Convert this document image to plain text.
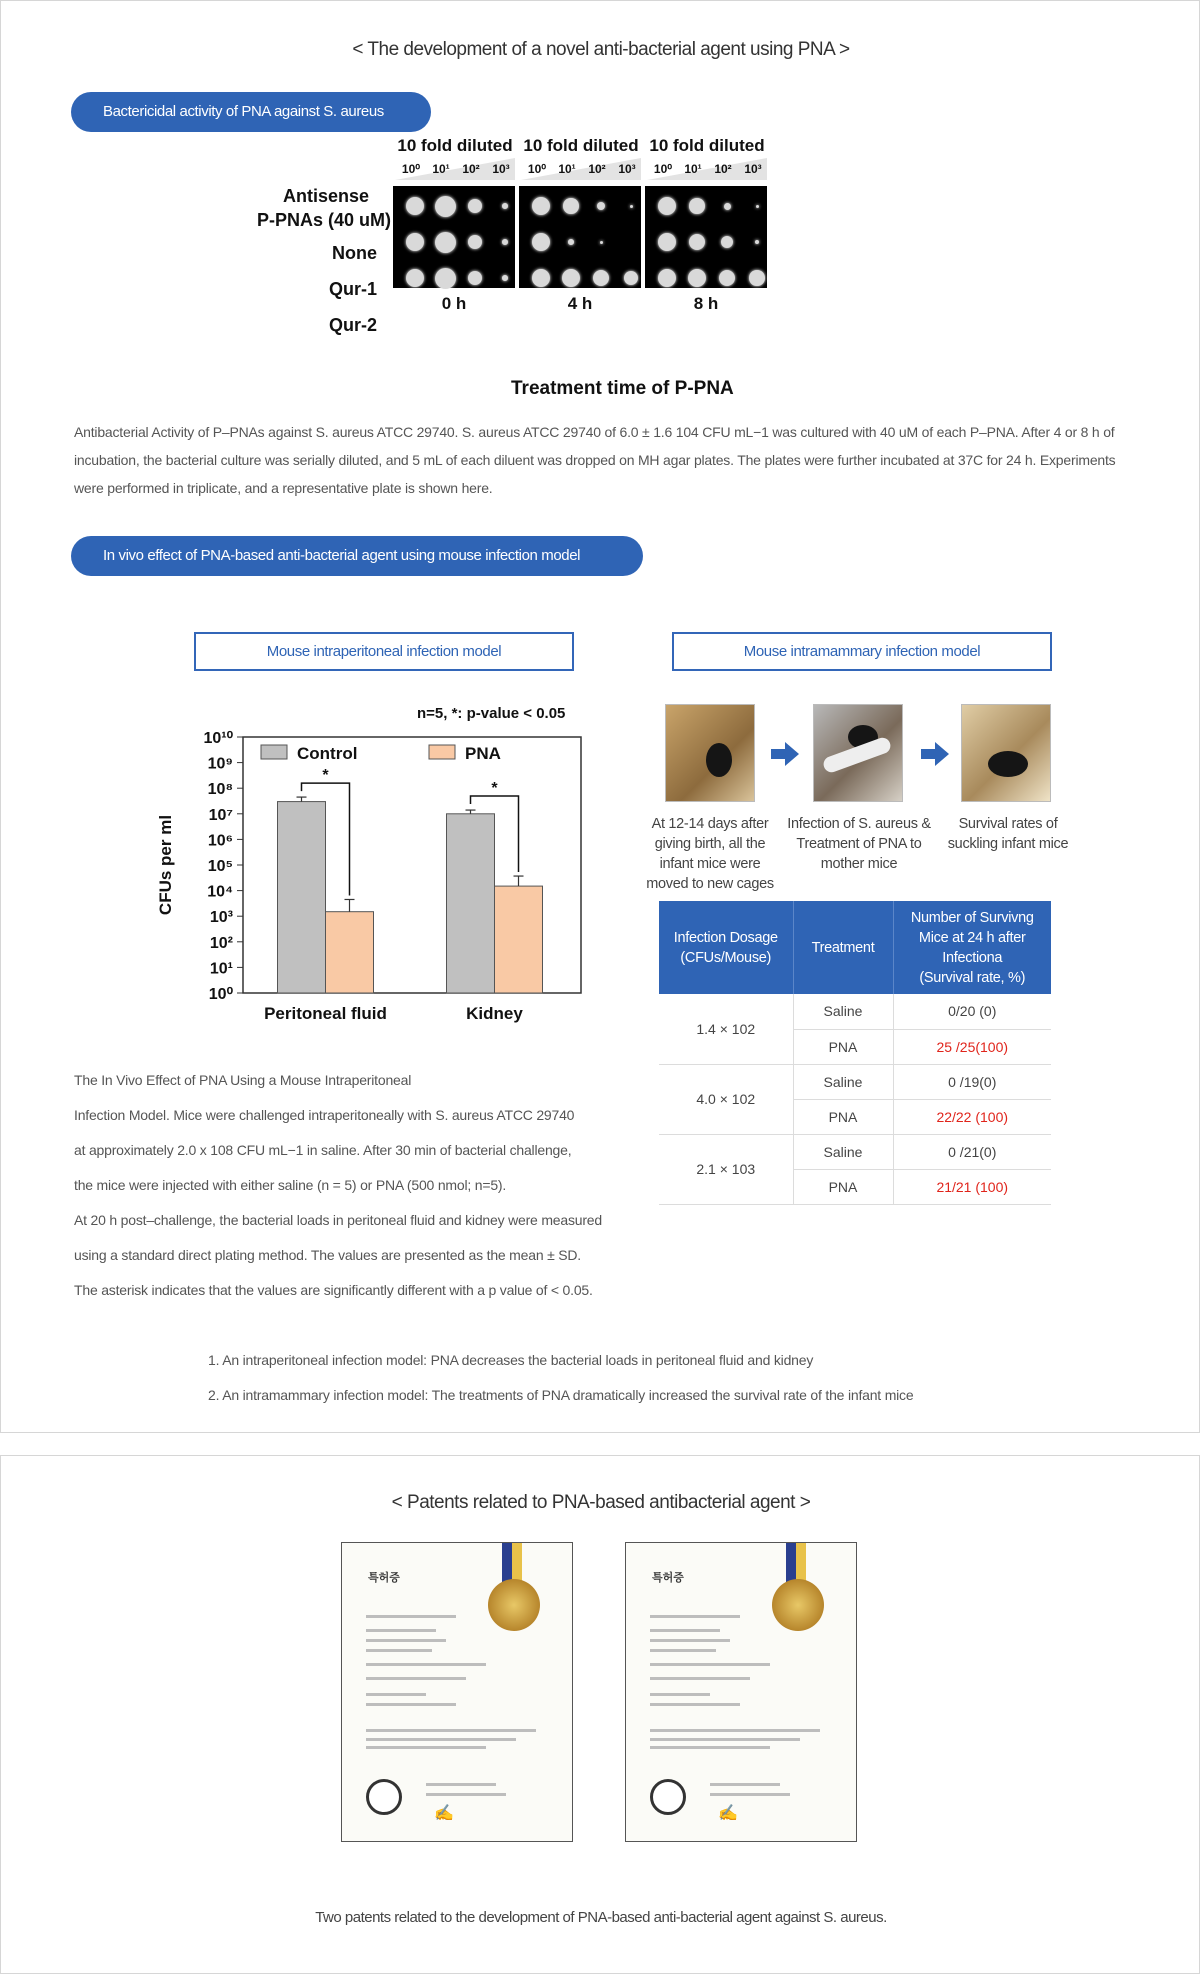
< The development of a novel anti-bacterial agent using PNA >
Bactericidal activity of PNA against S. aureus
Antisense
P-PNAs (40 uM)
None
Qur-1
Qur-2
Treatment time of P-PNA
10 fold diluted
10⁰	10¹	10²	10³
0 h
10 fold diluted
10⁰	10¹	10²	10³
4 h
10 fold diluted
10⁰	10¹	10²	10³
8 h
Antibacterial Activity of P–PNAs against S. aureus ATCC 29740. S. aureus ATCC 29740 of 6.0 ± 1.6 104 CFU mL−1 was cultured with 40 uM of each P–PNA. After 4 or 8 h of incubation, the bacterial culture was serially diluted, and 5 mL of each diluent was dropped on MH agar plates. The plates were further incubated at 37C for 24 h. Experiments were performed in triplicate, and a representative plate is shown here.
In vivo effect of PNA-based anti-bacterial agent using mouse infection model
Mouse intraperitoneal infection model	Mouse intramammary infection model
n=5, *: p-value < 0.05
10⁰
10¹
10²
10³
10⁴
10⁵
10⁶
10⁷
10⁸
10⁹
10¹⁰
CFUs per ml
*
Peritoneal fluid
*
Kidney
Control	PNA
The In Vivo Effect of PNA Using a Mouse Intraperitoneal
Infection Model. Mice were challenged intraperitoneally with S. aureus ATCC 29740
at approximately 2.0 x 108 CFU mL−1 in saline. After 30 min of bacterial challenge,
the mice were injected with either saline (n = 5) or PNA (500 nmol; n=5).
At 20 h post–challenge, the bacterial loads in peritoneal fluid and kidney were measured
using a standard direct plating method. The values are presented as the mean ± SD.
The asterisk indicates that the values are significantly different with a p value of < 0.05.
At 12-14 days after giving birth, all the infant mice were moved to new cages
Infection of S. aureus & Treatment of PNA to mother mice
Survival rates of suckling infant mice
Infection Dosage
(CFUs/Mouse)	Treatment	Number of Survivng
Mice at 24 h after
Infectiona
(Survival rate, %)
1.4 × 102	Saline	0/20 (0)
	PNA	25 /25(100)
4.0 × 102	Saline	0 /19(0)
	PNA	22/22 (100)
2.1 × 103	Saline	0 /21(0)
	PNA	21/21 (100)
1. An intraperitoneal infection model: PNA decreases the bacterial loads in peritoneal fluid and kidney
2. An intramammary infection model: The treatments of PNA dramatically increased the survival rate of the infant mice
< Patents related to PNA-based antibacterial agent >
특허증
✍
특허증
✍
Two patents related to the development of PNA-based anti-bacterial agent against S. aureus.
